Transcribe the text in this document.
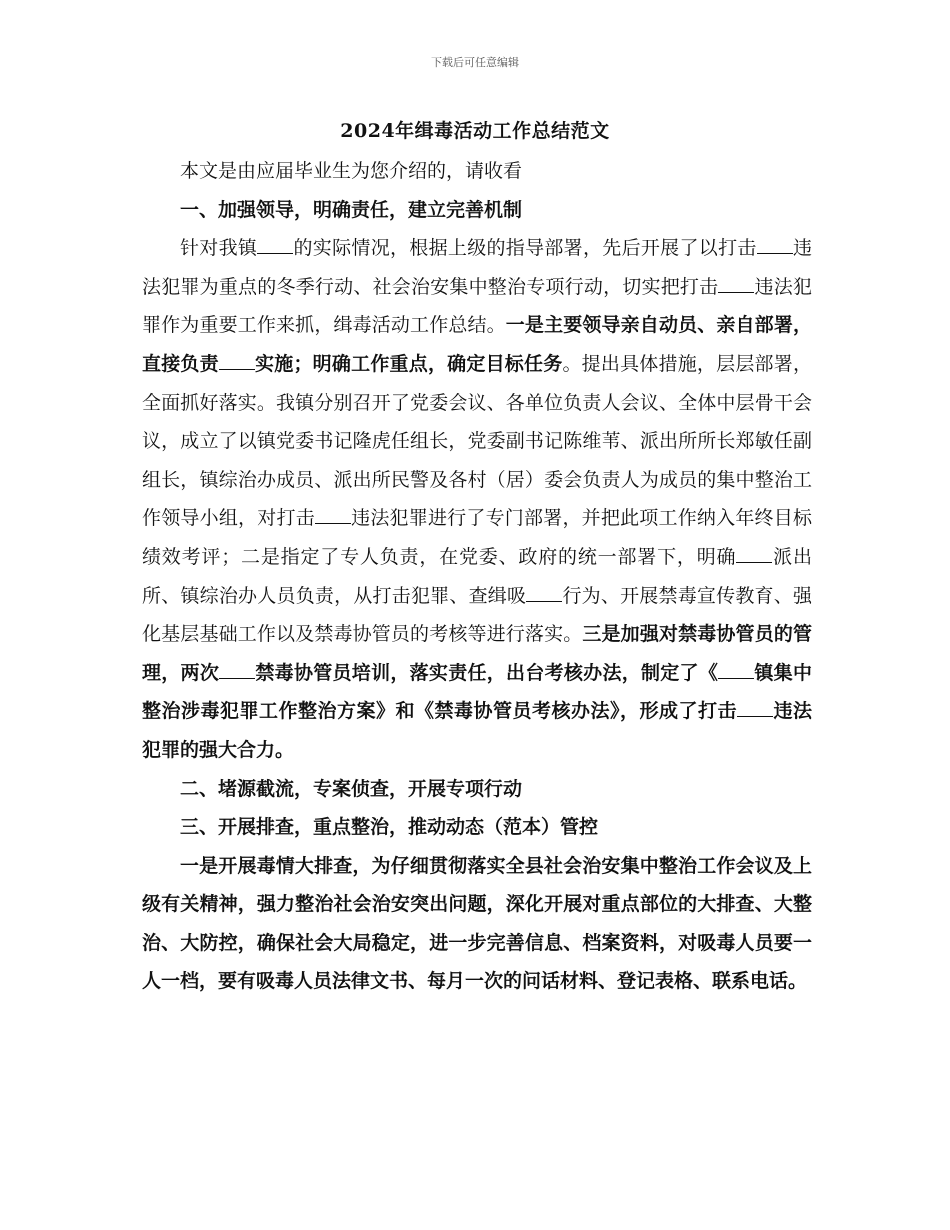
下载后可任意编辑
2024年缉毒活动工作总结范文

本文是由应届毕业生为您介绍的，请收看

一、加强领导，明确责任，建立完善机制

针对我镇 的实际情况，根据上级的指导部署，先后开展了以打击 违法犯罪为重点的冬季行动、社会治安集中整治专项行动，切实把打击 违法犯罪作为重要工作来抓，缉毒活动工作总结。一是主要领导亲自动员、亲自部署，直接负责 实施；明确工作重点，确定目标任务。提出具体措施，层层部署，全面抓好落实。我镇分别召开了党委会议、各单位负责人会议、全体中层骨干会议，成立了以镇党委书记隆虎任组长，党委副书记陈维苇、派出所所长郑敏任副组长，镇综治办成员、派出所民警及各村（居）委会负责人为成员的集中整治工作领导小组，对打击 违法犯罪进行了专门部署，并把此项工作纳入年终目标绩效考评；二是指定了专人负责，在党委、政府的统一部署下，明确 派出所、镇综治办人员负责，从打击犯罪、查缉吸 行为、开展禁毒宣传教育、强化基层基础工作以及禁毒协管员的考核等进行落实。三是加强对禁毒协管员的管理，两次 禁毒协管员培训，落实责任，出台考核办法，制定了《 镇集中整治涉毒犯罪工作整治方案》和《禁毒协管员考核办法》，形成了打击 违法犯罪的强大合力。

二、堵源截流，专案侦查，开展专项行动

三、开展排查，重点整治，推动动态（范本）管控

一是开展毒情大排查，为仔细贯彻落实全县社会治安集中整治工作会议及上级有关精神，强力整治社会治安突出问题，深化开展对重点部位的大排查、大整治、大防控，确保社会大局稳定，进一步完善信息、档案资料，对吸毒人员要一人一档，要有吸毒人员法律文书、每月一次的问话材料、登记表格、联系电话。
